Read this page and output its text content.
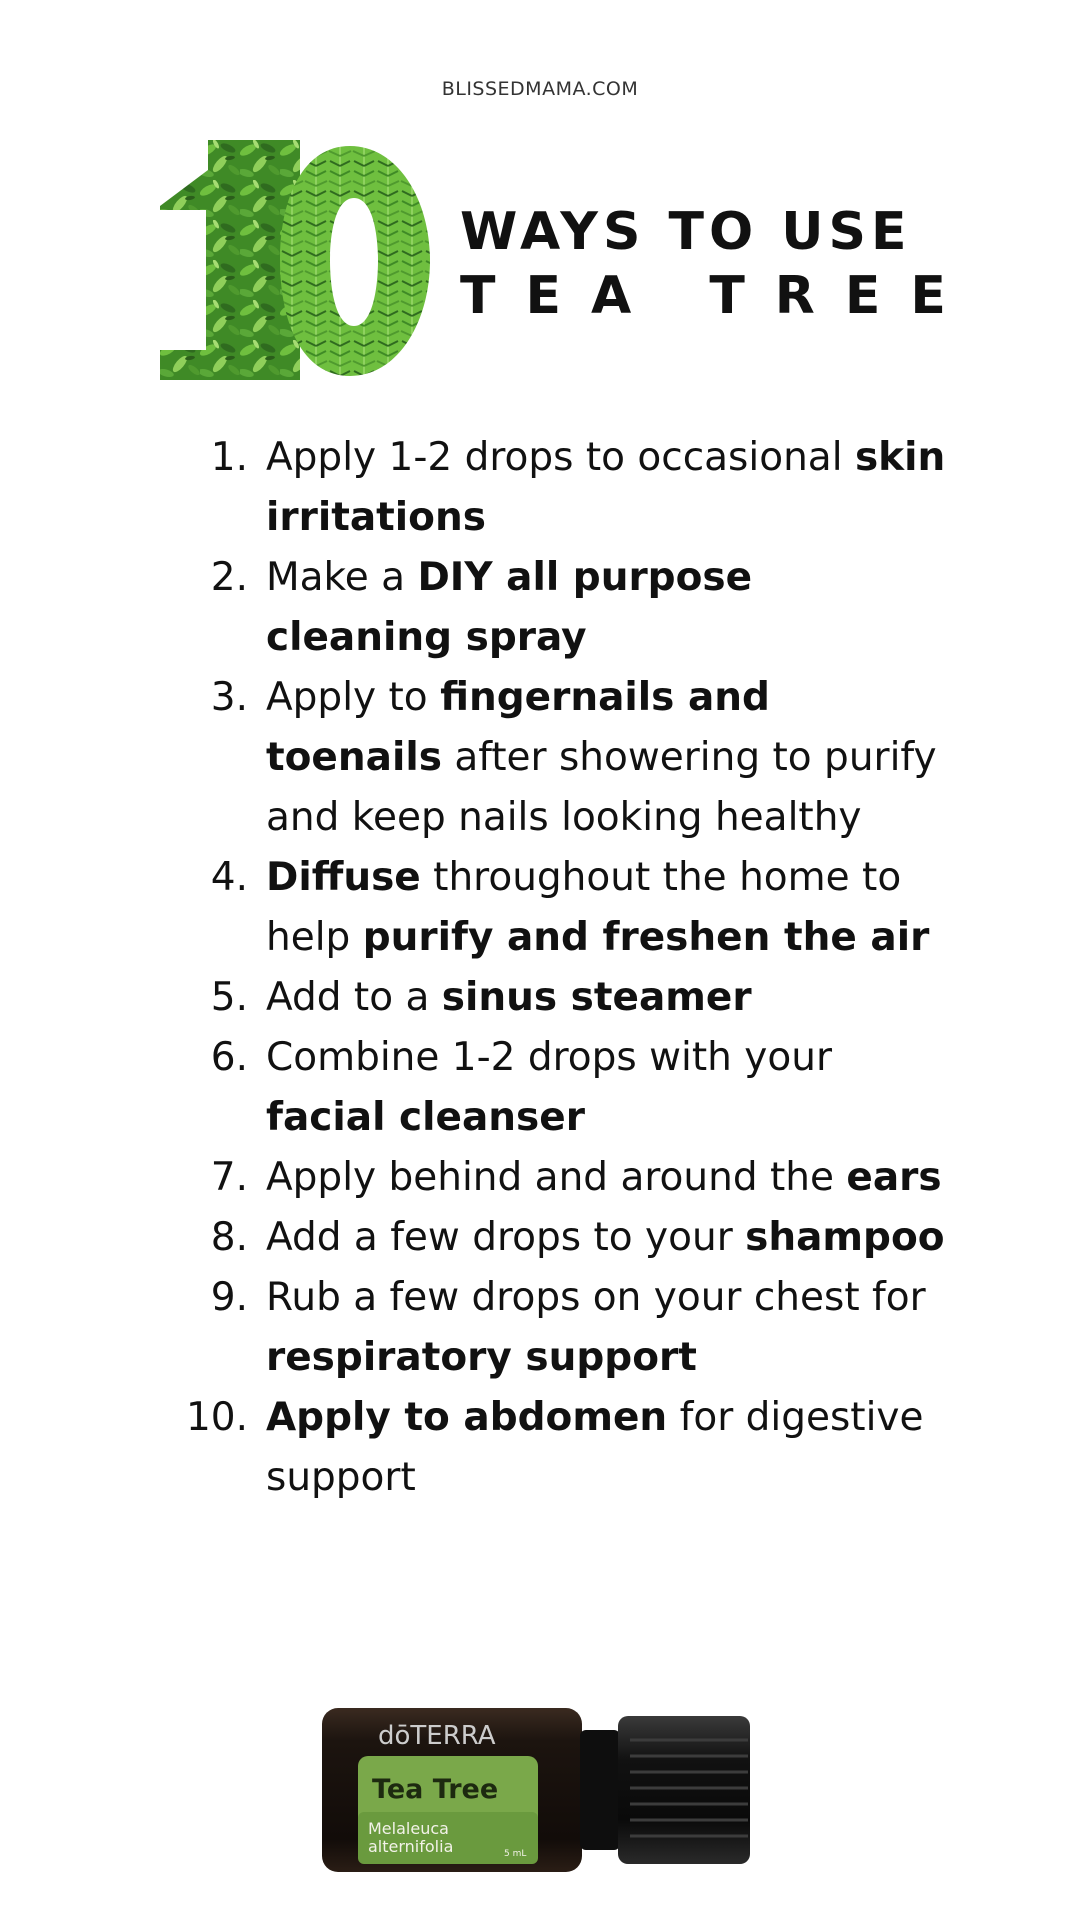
BLISSEDMAMA.COM
WAYS TO USE
TEA TREE
1. Apply 1-2 drops to occasional skin irritations
2. Make a DIY all purpose cleaning spray
3. Apply to fingernails and toenails after showering to purify and keep nails looking healthy
4. Diffuse throughout the home to help purify and freshen the air
5. Add to a sinus steamer
6. Combine 1-2 drops with your facial cleanser
7. Apply behind and around the ears
8. Add a few drops to your shampoo
9. Rub a few drops on your chest for respiratory support
10. Apply to abdomen for digestive support
dōTERRA
Tea Tree
Melaleuca
alternifolia	5 mL
